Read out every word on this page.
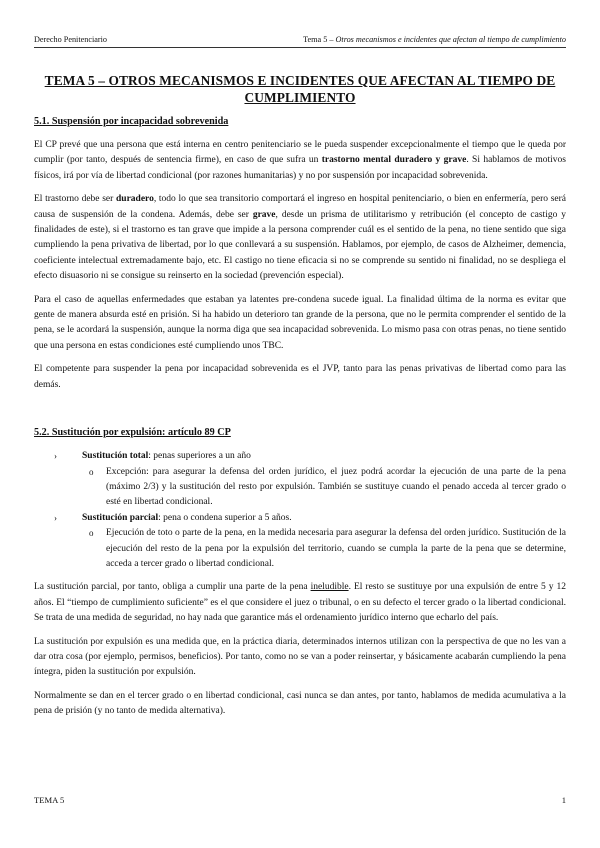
Derecho Penitenciario	Tema 5 – Otros mecanismos e incidentes que afectan al tiempo de cumplimiento
TEMA 5 – OTROS MECANISMOS E INCIDENTES QUE AFECTAN AL TIEMPO DE CUMPLIMIENTO
5.1. Suspensión por incapacidad sobrevenida

El CP prevé que una persona que está interna en centro penitenciario se le pueda suspender excepcionalmente el tiempo que le queda por cumplir (por tanto, después de sentencia firme), en caso de que sufra un trastorno mental duradero y grave. Si hablamos de motivos físicos, irá por vía de libertad condicional (por razones humanitarias) y no por suspensión por incapacidad sobrevenida.

El trastorno debe ser duradero, todo lo que sea transitorio comportará el ingreso en hospital penitenciario, o bien en enfermería, pero será causa de suspensión de la condena. Además, debe ser grave, desde un prisma de utilitarismo y retribución (el concepto de castigo y finalidades de este), si el trastorno es tan grave que impide a la persona comprender cuál es el sentido de la pena, no tiene sentido que siga cumpliendo la pena privativa de libertad, por lo que conllevará a su suspensión. Hablamos, por ejemplo, de casos de Alzheimer, demencia, coeficiente intelectual extremadamente bajo, etc. El castigo no tiene eficacia si no se comprende su sentido ni finalidad, no se despliega el efecto disuasorio ni se consigue su reinserto en la sociedad (prevención especial).

Para el caso de aquellas enfermedades que estaban ya latentes pre-condena sucede igual. La finalidad última de la norma es evitar que gente de manera absurda esté en prisión. Si ha habido un deterioro tan grande de la persona, que no le permita comprender el sentido de la pena, se le acordará la suspensión, aunque la norma diga que sea incapacidad sobrevenida. Lo mismo pasa con otras penas, no tiene sentido que una persona en estas condiciones esté cumpliendo unos TBC.

El competente para suspender la pena por incapacidad sobrevenida es el JVP, tanto para las penas privativas de libertad como para las demás.

5.2. Sustitución por expulsión: artículo 89 CP
›	Sustitución total: penas superiores a un año
o Excepción: para asegurar la defensa del orden jurídico, el juez podrá acordar la ejecución de una parte de la pena (máximo 2/3) y la sustitución del resto por expulsión. También se sustituye cuando el penado acceda al tercer grado o esté en libertad condicional.
›	Sustitución parcial: pena o condena superior a 5 años.
o Ejecución de toto o parte de la pena, en la medida necesaria para asegurar la defensa del orden jurídico. Sustitución de la ejecución del resto de la pena por la expulsión del territorio, cuando se cumpla la parte de la pena que se determine, acceda a tercer grado o libertad condicional.

La sustitución parcial, por tanto, obliga a cumplir una parte de la pena ineludible. El resto se sustituye por una expulsión de entre 5 y 12 años. El “tiempo de cumplimiento suficiente” es el que considere el juez o tribunal, o en su defecto el tercer grado o la libertad condicional. Se trata de una medida de seguridad, no hay nada que garantice más el ordenamiento jurídico interno que echarlo del país.

La sustitución por expulsión es una medida que, en la práctica diaria, determinados internos utilizan con la perspectiva de que no les van a dar otra cosa (por ejemplo, permisos, beneficios). Por tanto, como no se van a poder reinsertar, y básicamente acabarán cumpliendo la pena íntegra, piden la sustitución por expulsión.

Normalmente se dan en el tercer grado o en libertad condicional, casi nunca se dan antes, por tanto, hablamos de medida acumulativa a la pena de prisión (y no tanto de medida alternativa).

TEMA 5	1
